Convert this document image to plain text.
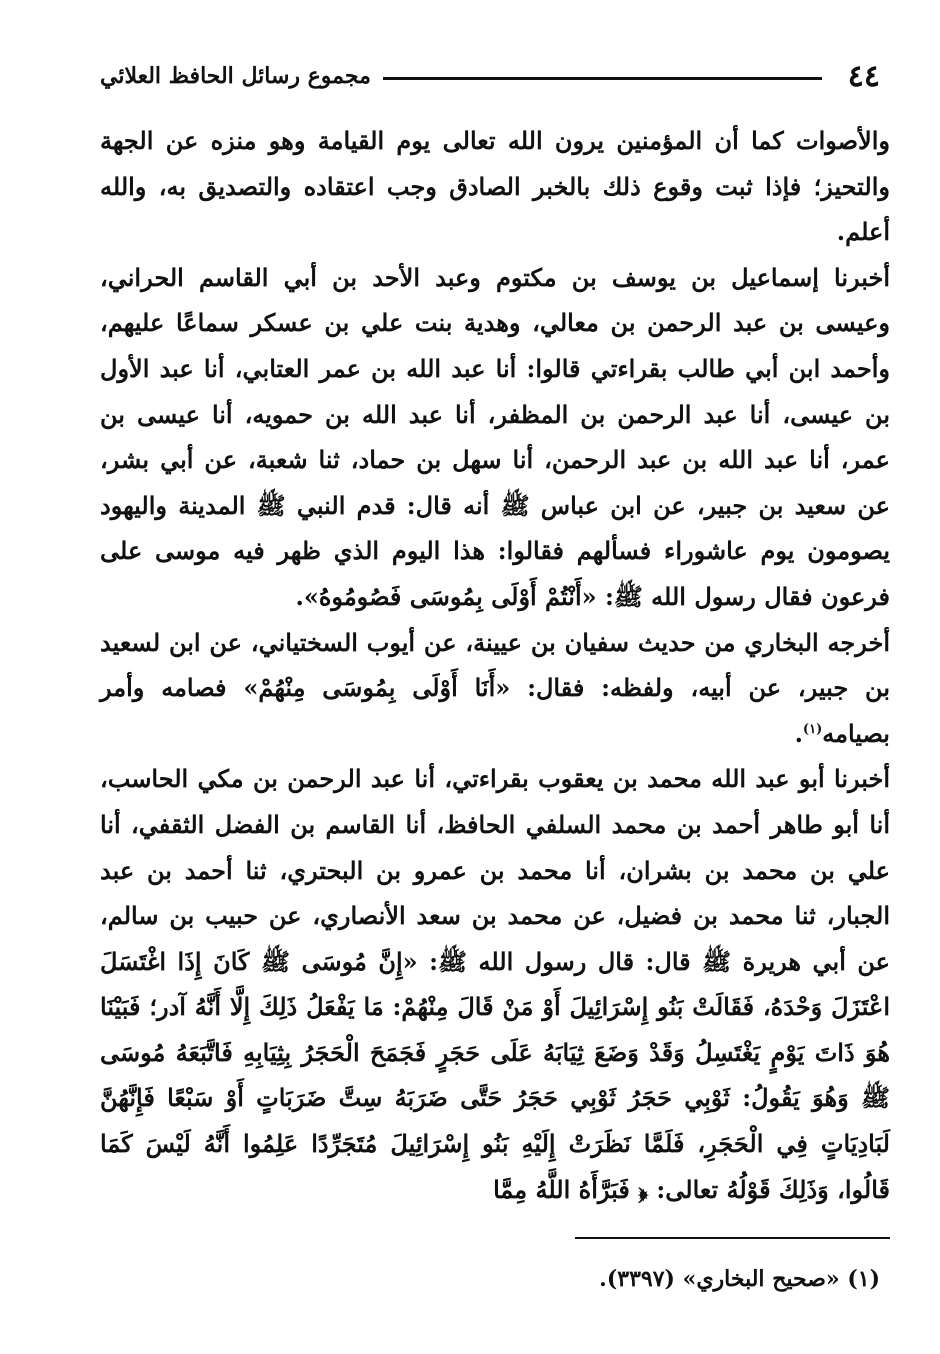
٤٤
مجموع رسائل الحافظ العلائي

والأصوات كما أن المؤمنين يرون الله تعالى يوم القيامة وهو منزه عن الجهة والتحيز؛ فإذا ثبت وقوع ذلك بالخبر الصادق وجب اعتقاده والتصديق به، والله أعلم.

أخبرنا إسماعيل بن يوسف بن مكتوم وعبد الأحد بن أبي القاسم الحراني، وعيسى بن عبد الرحمن بن معالي، وهدية بنت علي بن عسكر سماعًا عليهم، وأحمد ابن أبي طالب بقراءتي قالوا: أنا عبد الله بن عمر العتابي، أنا عبد الأول بن عيسى، أنا عبد الرحمن بن المظفر، أنا عبد الله بن حمويه، أنا عيسى بن عمر، أنا عبد الله بن عبد الرحمن، أنا سهل بن حماد، ثنا شعبة، عن أبي بشر، عن سعيد بن جبير، عن ابن عباس ﷺ أنه قال: قدم النبي ﷺ المدينة واليهود يصومون يوم عاشوراء فسألهم فقالوا: هذا اليوم الذي ظهر فيه موسى على فرعون فقال رسول الله ﷺ: «أَنْتُمْ أَوْلَى بِمُوسَى فَصُومُوهُ».

أخرجه البخاري من حديث سفيان بن عيينة، عن أيوب السختياني، عن ابن لسعيد بن جبير، عن أبيه، ولفظه: فقال: «أَنَا أَوْلَى بِمُوسَى مِنْهُمْ» فصامه وأمر بصيامه$^{(١)}$.

أخبرنا أبو عبد الله محمد بن يعقوب بقراءتي، أنا عبد الرحمن بن مكي الحاسب، أنا أبو طاهر أحمد بن محمد السلفي الحافظ، أنا القاسم بن الفضل الثقفي، أنا علي بن محمد بن بشران، أنا محمد بن عمرو بن البحتري، ثنا أحمد بن عبد الجبار، ثنا محمد بن فضيل، عن محمد بن سعد الأنصاري، عن حبيب بن سالم، عن أبي هريرة ﷺ قال: قال رسول الله ﷺ: «إِنَّ مُوسَى ﷺ كَانَ إِذَا اغْتَسَلَ اعْتَزَلَ وَحْدَهُ، فَقَالَتْ بَنُو إِسْرَائِيلَ أَوْ مَنْ قَالَ مِنْهُمْ: مَا يَفْعَلُ ذَلِكَ إِلَّا أَنَّهُ آدر؛ فَبَيْنَا هُوَ ذَاتَ يَوْمٍ يَغْتَسِلُ وَقَدْ وَضَعَ ثِيَابَهُ عَلَى حَجَرٍ فَجَمَحَ الْحَجَرُ بِثِيَابِهِ فَاتَّبَعَهُ مُوسَى ﷺ وَهُوَ يَقُولُ: ثَوْبِي حَجَرُ ثَوْبِي حَجَرُ حَتَّى ضَرَبَهُ سِتَّ ضَرَبَاتٍ أَوْ سَبْعًا فَإِنَّهُنَّ لَبَادِيَاتٍ فِي الْحَجَرِ، فَلَمَّا نَظَرَتْ إِلَيْهِ بَنُو إِسْرَائِيلَ مُتَجَرِّدًا عَلِمُوا أَنَّهُ لَيْسَ كَمَا قَالُوا، وَذَلِكَ قَوْلُهُ تعالى: ﴿ فَبَرَّأَهُ اللَّهُ مِمَّا

(١) «صحيح البخاري» (٣٣٩٧).
